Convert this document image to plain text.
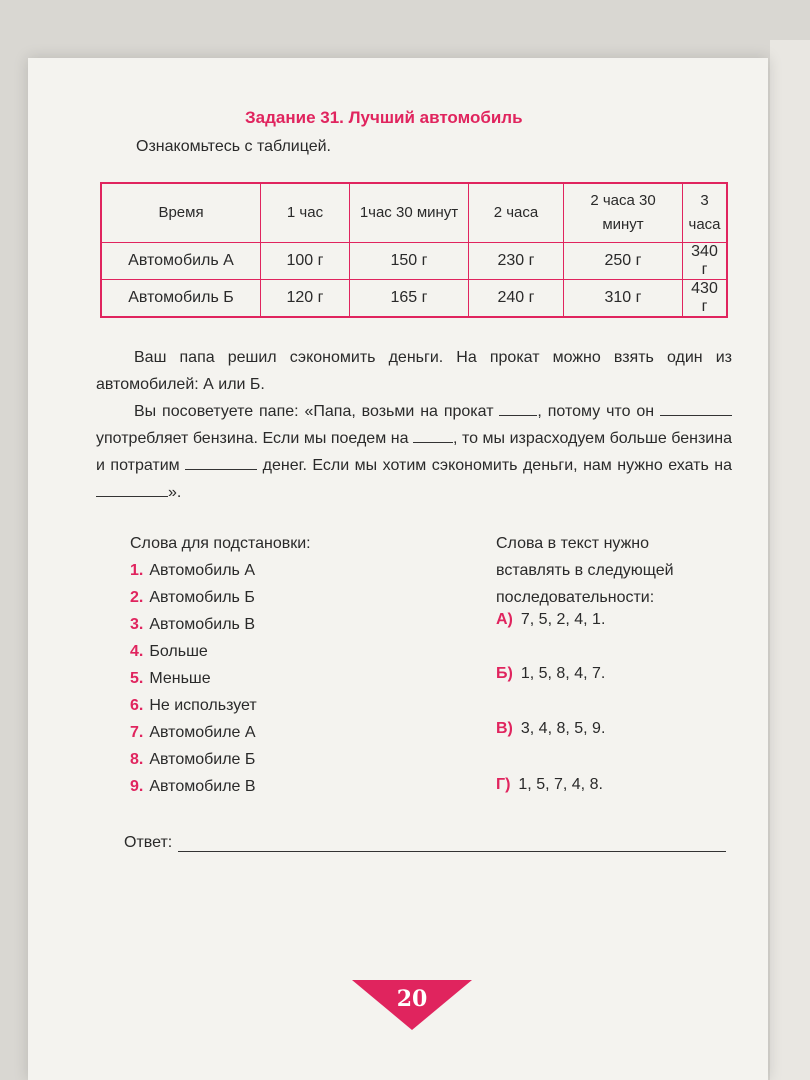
Задание 31. Лучший автомобиль
Ознакомьтесь с таблицей.
Время	1 час	1час 30 минут	2 часа	2 часа 30 минут	3 часа
Автомобиль А	100 г	150 г	230 г	250 г	340 г
Автомобиль Б	120 г	165 г	240 г	310 г	430 г
Ваш папа решил сэкономить деньги. На прокат можно взять один из автомобилей: А или Б.
Вы посоветуете папе: «Папа, возьми на прокат	, потому что он  употребляет бензина. Если мы поедем на	, то мы израсходуем больше бензина и потратим	денег. Если мы хотим сэкономить деньги, нам нужно ехать на ».
Слова для подстановки:
1. Автомобиль А
2. Автомобиль Б
3. Автомобиль В
4. Больше
5. Меньше
6. Не использует
7. Автомобиле А
8. Автомобиле Б
9. Автомобиле В
Слова в текст нужно
вставлять в следующей
последовательности:
А) 7, 5, 2, 4, 1.
Б) 1, 5, 8, 4, 7.
В) 3, 4, 8, 5, 9.
Г) 1, 5, 7, 4, 8.
Ответ:
20
